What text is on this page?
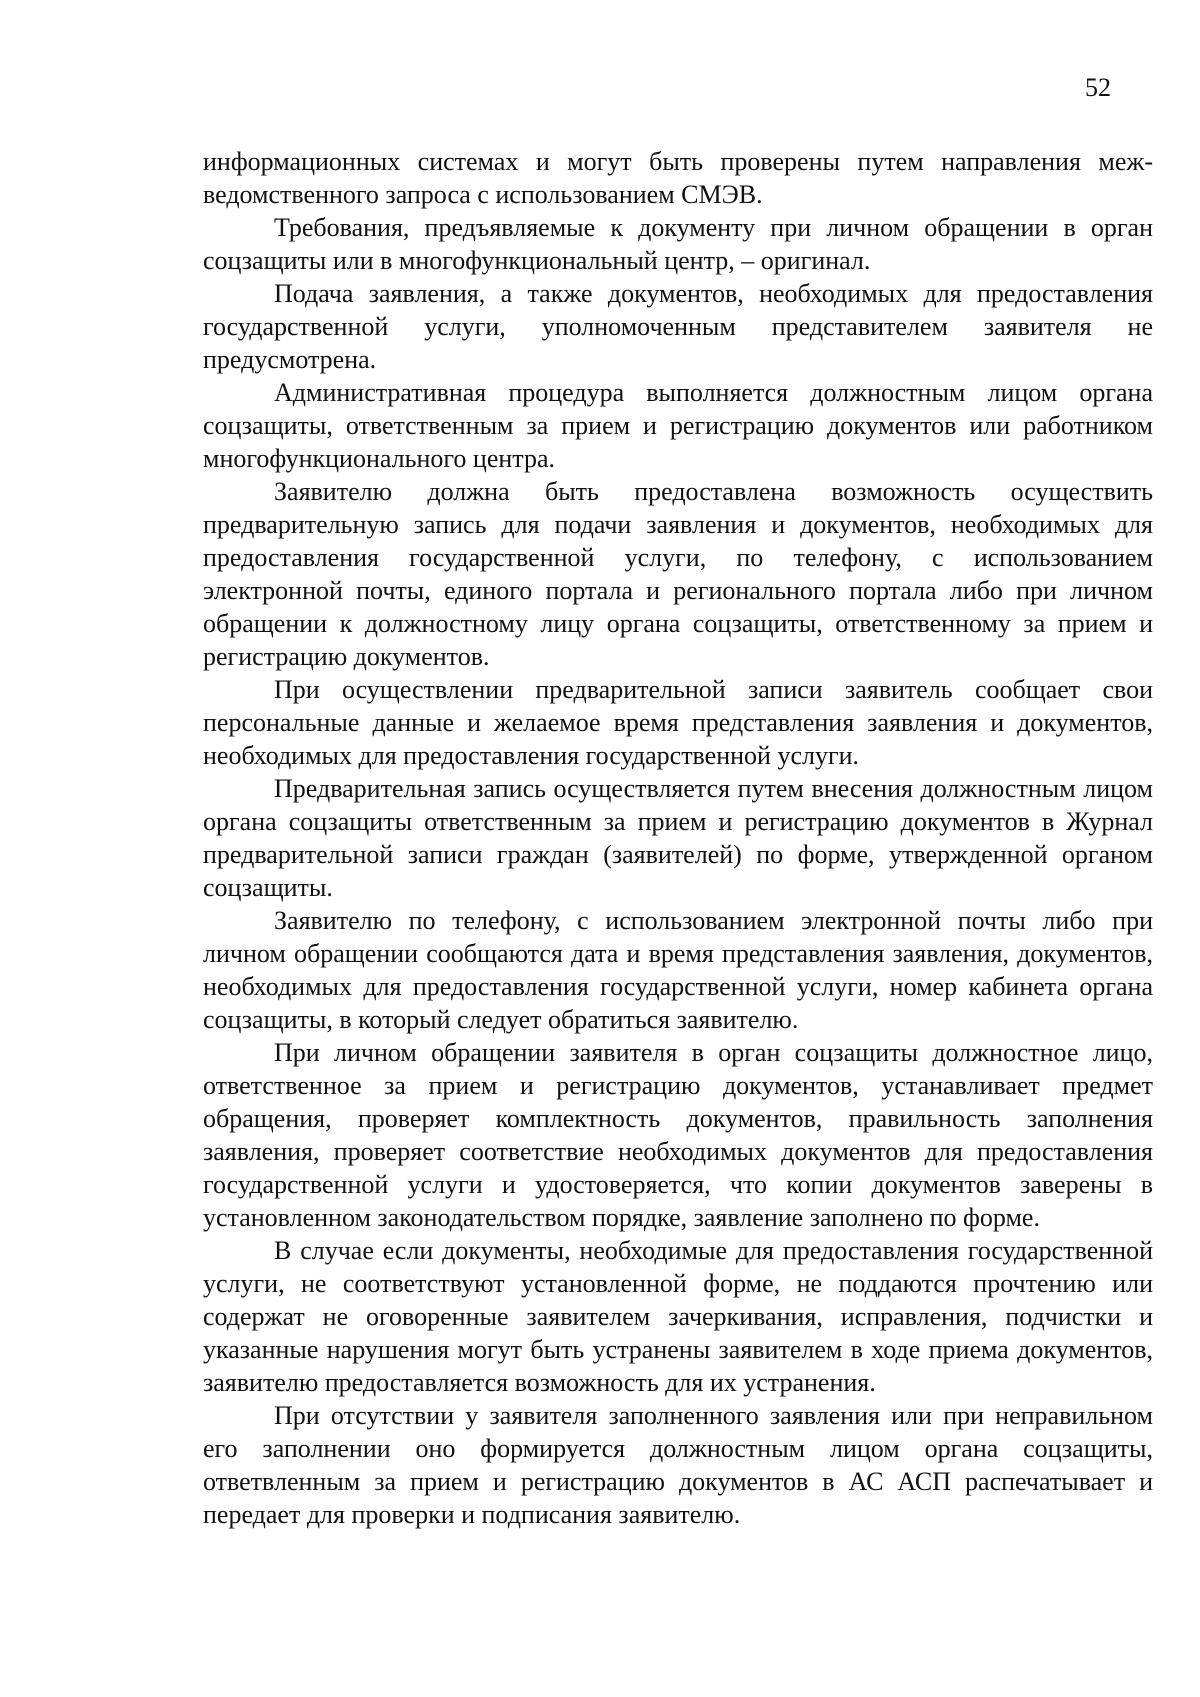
52

информационных системах и могут быть проверены путем направления межведомственного запроса с использованием СМЭВ.

Требования, предъявляемые к документу при личном обращении в орган соцзащиты или в многофункциональный центр, – оригинал.

Подача заявления, а также документов, необходимых для предоставления государственной услуги, уполномоченным представителем заявителя не предусмотрена.

Административная процедура выполняется должностным лицом органа соцзащиты, ответственным за прием и регистрацию документов или работником многофункционального центра.

Заявителю должна быть предоставлена возможность осуществить предварительную запись для подачи заявления и документов, необходимых для предоставления государственной услуги, по телефону, с использованием электронной почты, единого портала и регионального портала либо при личном обращении к должностному лицу органа соцзащиты, ответственному за прием и регистрацию документов.

При осуществлении предварительной записи заявитель сообщает свои персональные данные и желаемое время представления заявления и документов, необходимых для предоставления государственной услуги.

Предварительная запись осуществляется путем внесения должностным лицом органа соцзащиты ответственным за прием и регистрацию документов в Журнал предварительной записи граждан (заявителей) по форме, утвержденной органом соцзащиты.

Заявителю по телефону, с использованием электронной почты либо при личном обращении сообщаются дата и время представления заявления, документов, необходимых для предоставления государственной услуги, номер кабинета органа соцзащиты, в который следует обратиться заявителю.

При личном обращении заявителя в орган соцзащиты должностное лицо, ответственное за прием и регистрацию документов, устанавливает предмет обращения, проверяет комплектность документов, правильность заполнения заявления, проверяет соответствие необходимых документов для предоставления государственной услуги и удостоверяется, что копии документов заверены в установленном законодательством порядке, заявление заполнено по форме.

В случае если документы, необходимые для предоставления государственной услуги, не соответствуют установленной форме, не поддаются прочтению или содержат не оговоренные заявителем зачеркивания, исправления, подчистки и указанные нарушения могут быть устранены заявителем в ходе приема документов, заявителю предоставляется возможность для их устранения.

При отсутствии у заявителя заполненного заявления или при неправильном его заполнении оно формируется должностным лицом органа соцзащиты, ответвленным за прием и регистрацию документов в АС АСП распечатывает и передает для проверки и подписания заявителю.
